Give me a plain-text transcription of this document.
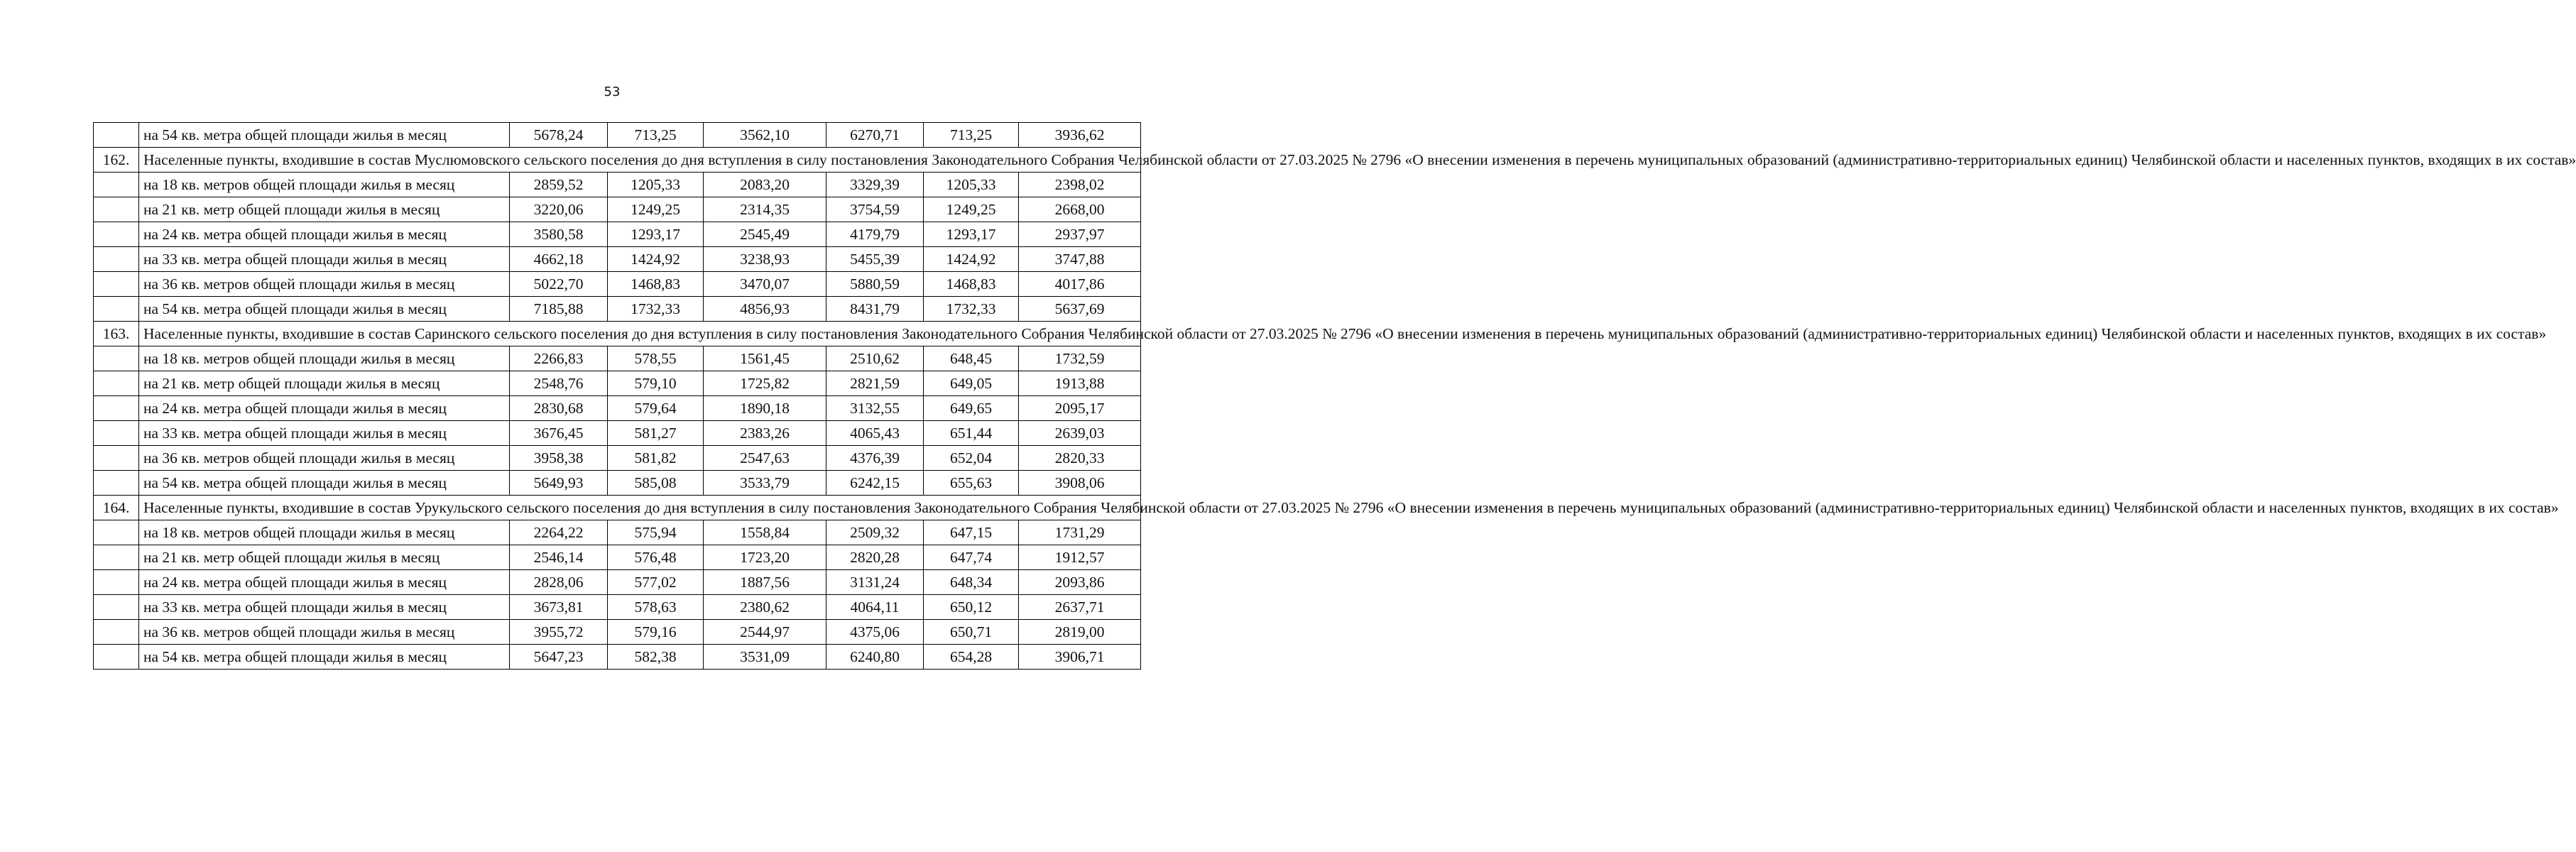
53
	на 54 кв. метра общей площади жилья в месяц	5678,24	713,25	3562,10	6270,71	713,25	3936,62
162.	Населенные пункты, входившие в состав Муслюмовского сельского поселения до дня вступления в силу постановления Законодательного Собрания Челябинской области от 27.03.2025 № 2796 «О внесении изменения в перечень муниципальных образований (административно-территориальных единиц) Челябинской области и населенных пунктов, входящих в их состав»						
	на 18 кв. метров общей площади жилья в месяц	2859,52	1205,33	2083,20	3329,39	1205,33	2398,02
	на 21 кв. метр общей площади жилья в месяц	3220,06	1249,25	2314,35	3754,59	1249,25	2668,00
	на 24 кв. метра общей площади жилья в месяц	3580,58	1293,17	2545,49	4179,79	1293,17	2937,97
	на 33 кв. метра общей площади жилья в месяц	4662,18	1424,92	3238,93	5455,39	1424,92	3747,88
	на 36 кв. метров общей площади жилья в месяц	5022,70	1468,83	3470,07	5880,59	1468,83	4017,86
	на 54 кв. метра общей площади жилья в месяц	7185,88	1732,33	4856,93	8431,79	1732,33	5637,69
163.	Населенные пункты, входившие в состав Саринского сельского поселения до дня вступления в силу постановления Законодательного Собрания Челябинской области от 27.03.2025 № 2796 «О внесении изменения в перечень муниципальных образований (административно-территориальных единиц) Челябинской области и населенных пунктов, входящих в их состав»						
	на 18 кв. метров общей площади жилья в месяц	2266,83	578,55	1561,45	2510,62	648,45	1732,59
	на 21 кв. метр общей площади жилья в месяц	2548,76	579,10	1725,82	2821,59	649,05	1913,88
	на 24 кв. метра общей площади жилья в месяц	2830,68	579,64	1890,18	3132,55	649,65	2095,17
	на 33 кв. метра общей площади жилья в месяц	3676,45	581,27	2383,26	4065,43	651,44	2639,03
	на 36 кв. метров общей площади жилья в месяц	3958,38	581,82	2547,63	4376,39	652,04	2820,33
	на 54 кв. метра общей площади жилья в месяц	5649,93	585,08	3533,79	6242,15	655,63	3908,06
164.	Населенные пункты, входившие в состав Урукульского сельского поселения до дня вступления в силу постановления Законодательного Собрания Челябинской области от 27.03.2025 № 2796 «О внесении изменения в перечень муниципальных образований (административно-территориальных единиц) Челябинской области и населенных пунктов, входящих в их состав»						
	на 18 кв. метров общей площади жилья в месяц	2264,22	575,94	1558,84	2509,32	647,15	1731,29
	на 21 кв. метр общей площади жилья в месяц	2546,14	576,48	1723,20	2820,28	647,74	1912,57
	на 24 кв. метра общей площади жилья в месяц	2828,06	577,02	1887,56	3131,24	648,34	2093,86
	на 33 кв. метра общей площади жилья в месяц	3673,81	578,63	2380,62	4064,11	650,12	2637,71
	на 36 кв. метров общей площади жилья в месяц	3955,72	579,16	2544,97	4375,06	650,71	2819,00
	на 54 кв. метра общей площади жилья в месяц	5647,23	582,38	3531,09	6240,80	654,28	3906,71
